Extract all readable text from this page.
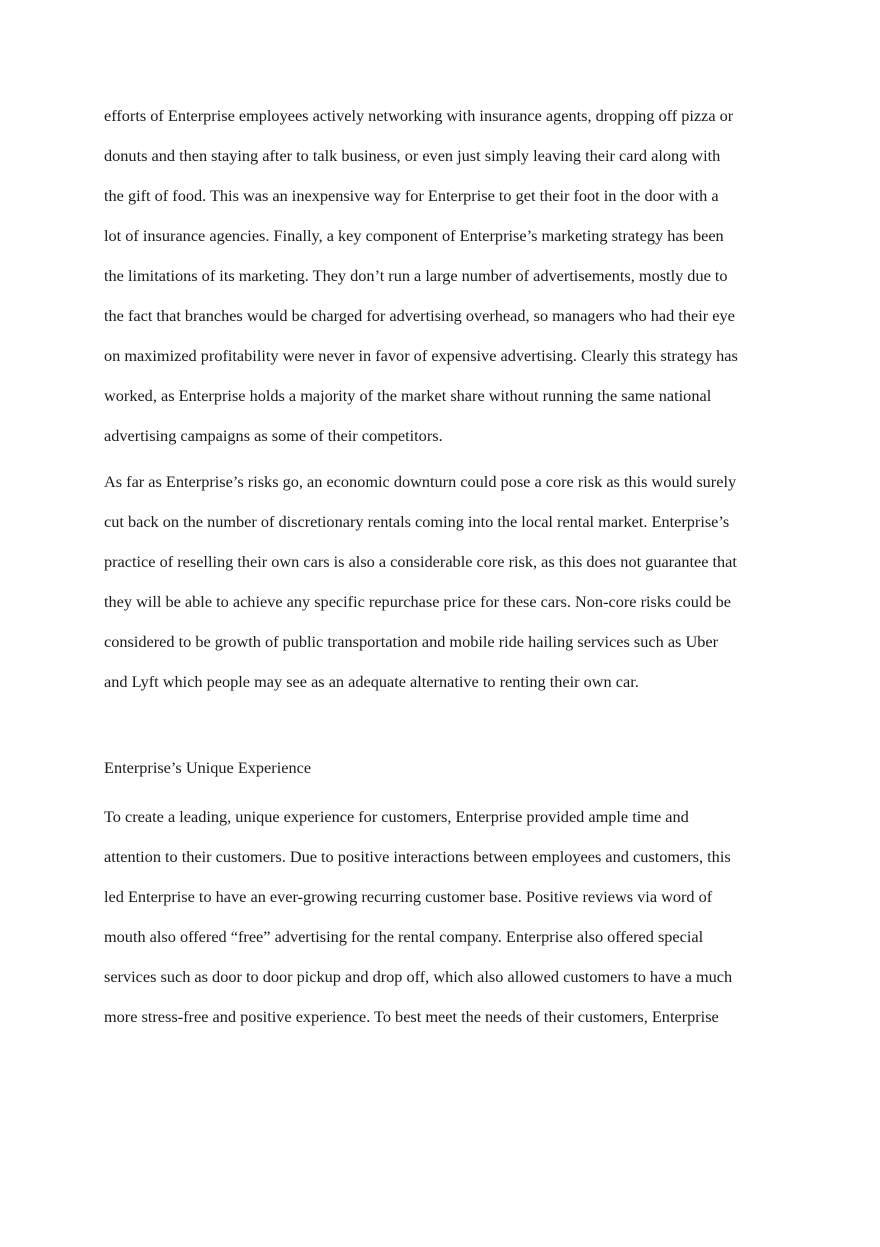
efforts of Enterprise employees actively networking with insurance agents, dropping off pizza or
donuts and then staying after to talk business, or even just simply leaving their card along with
the gift of food. This was an inexpensive way for Enterprise to get their foot in the door with a
lot of insurance agencies. Finally, a key component of Enterprise’s marketing strategy has been
the limitations of its marketing. They don’t run a large number of advertisements, mostly due to
the fact that branches would be charged for advertising overhead, so managers who had their eye
on maximized profitability were never in favor of expensive advertising. Clearly this strategy has
worked, as Enterprise holds a majority of the market share without running the same national
advertising campaigns as some of their competitors.
As far as Enterprise’s risks go, an economic downturn could pose a core risk as this would surely
cut back on the number of discretionary rentals coming into the local rental market. Enterprise’s
practice of reselling their own cars is also a considerable core risk, as this does not guarantee that
they will be able to achieve any specific repurchase price for these cars. Non-core risks could be
considered to be growth of public transportation and mobile ride hailing services such as Uber
and Lyft which people may see as an adequate alternative to renting their own car.
Enterprise’s Unique Experience
To create a leading, unique experience for customers, Enterprise provided ample time and
attention to their customers. Due to positive interactions between employees and customers, this
led Enterprise to have an ever-growing recurring customer base. Positive reviews via word of
mouth also offered “free” advertising for the rental company. Enterprise also offered special
services such as door to door pickup and drop off, which also allowed customers to have a much
more stress-free and positive experience. To best meet the needs of their customers, Enterprise
